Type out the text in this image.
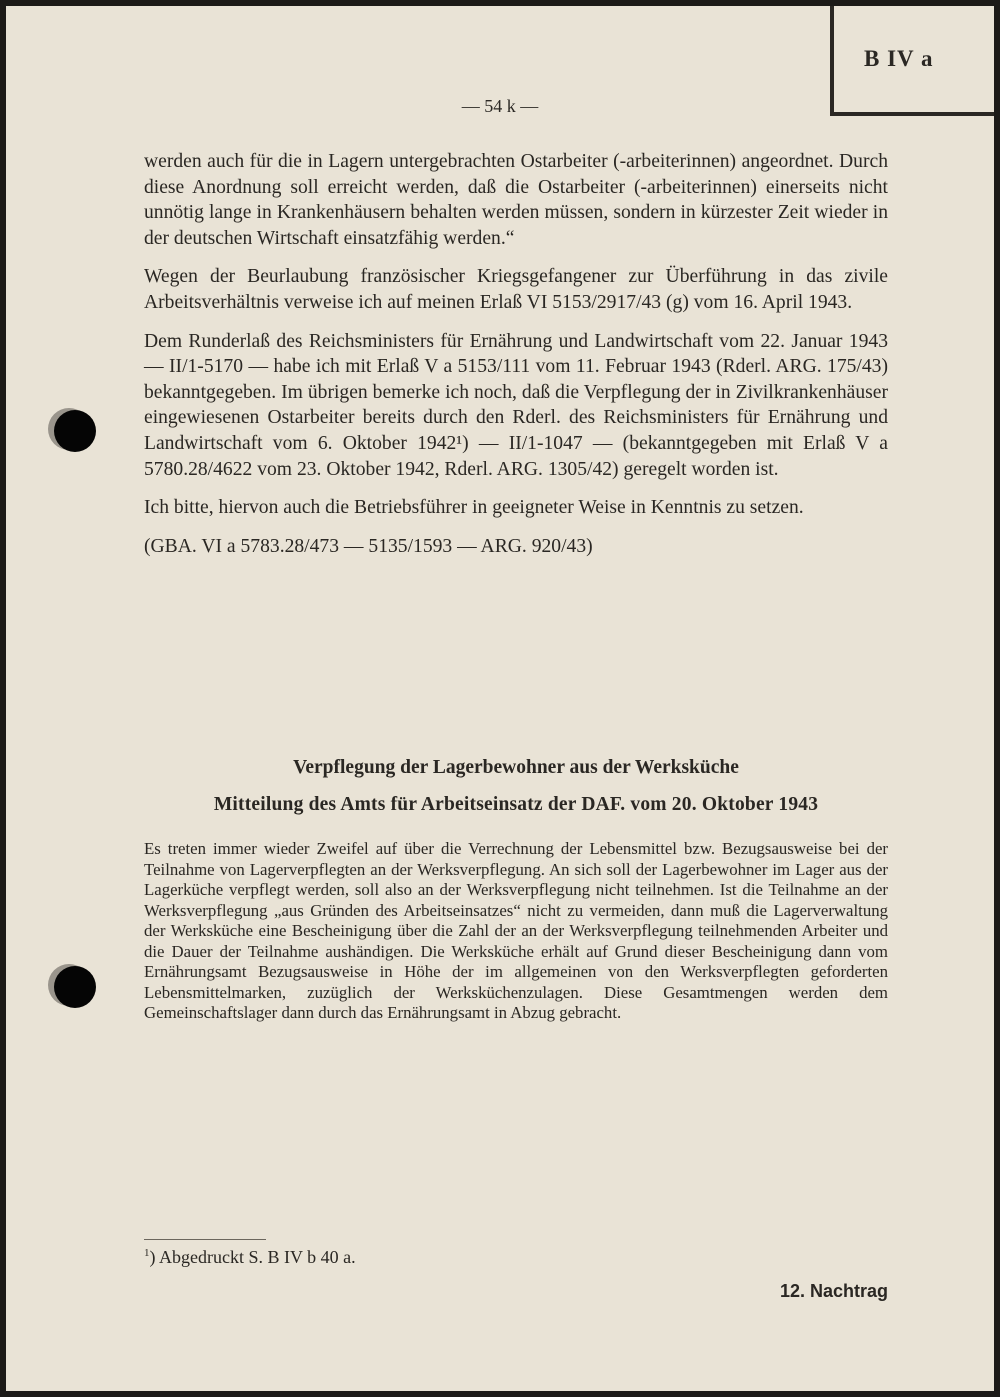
B IV a
— 54 k —

werden auch für die in Lagern untergebrachten Ostarbeiter (-arbeiterinnen) angeordnet. Durch diese Anordnung soll erreicht werden, daß die Ostarbeiter (-arbeiterinnen) einerseits nicht unnötig lange in Krankenhäusern behalten werden müssen, sondern in kürzester Zeit wieder in der deutschen Wirtschaft einsatzfähig werden.“

Wegen der Beurlaubung französischer Kriegsgefangener zur Überführung in das zivile Arbeitsverhältnis verweise ich auf meinen Erlaß VI 5153/2917/43 (g) vom 16. April 1943.

Dem Runderlaß des Reichsministers für Ernährung und Landwirtschaft vom 22. Januar 1943 — II/1-5170 — habe ich mit Erlaß V a 5153/111 vom 11. Februar 1943 (Rderl. ARG. 175/43) bekanntgegeben. Im übrigen bemerke ich noch, daß die Verpflegung der in Zivilkrankenhäuser eingewiesenen Ostarbeiter bereits durch den Rderl. des Reichsministers für Ernährung und Landwirtschaft vom 6. Oktober 1942¹) — II/1-1047 — (bekanntgegeben mit Erlaß V a 5780.28/4622 vom 23. Oktober 1942, Rderl. ARG. 1305/42) geregelt worden ist.

Ich bitte, hiervon auch die Betriebsführer in geeigneter Weise in Kenntnis zu setzen.

(GBA. VI a 5783.28/473 — 5135/1593 — ARG. 920/43)
Verpflegung der Lagerbewohner aus der Werksküche
Mitteilung des Amts für Arbeitseinsatz der DAF. vom 20. Oktober 1943
Es treten immer wieder Zweifel auf über die Verrechnung der Lebensmittel bzw. Bezugsausweise bei der Teilnahme von Lagerverpflegten an der Werksverpflegung. An sich soll der Lagerbewohner im Lager aus der Lagerküche verpflegt werden, soll also an der Werksverpflegung nicht teilnehmen. Ist die Teilnahme an der Werksverpflegung „aus Gründen des Arbeitseinsatzes“ nicht zu vermeiden, dann muß die Lagerverwaltung der Werksküche eine Bescheinigung über die Zahl der an der Werksverpflegung teilnehmenden Arbeiter und die Dauer der Teilnahme aushändigen. Die Werksküche erhält auf Grund dieser Bescheinigung dann vom Ernährungsamt Bezugsausweise in Höhe der im allgemeinen von den Werksverpflegten geforderten Lebensmittelmarken, zuzüglich der Werksküchenzulagen. Diese Gesamtmengen werden dem Gemeinschaftslager dann durch das Ernährungsamt in Abzug gebracht.
$^1$) Abgedruckt S. B IV b 40 a.
12. Nachtrag
